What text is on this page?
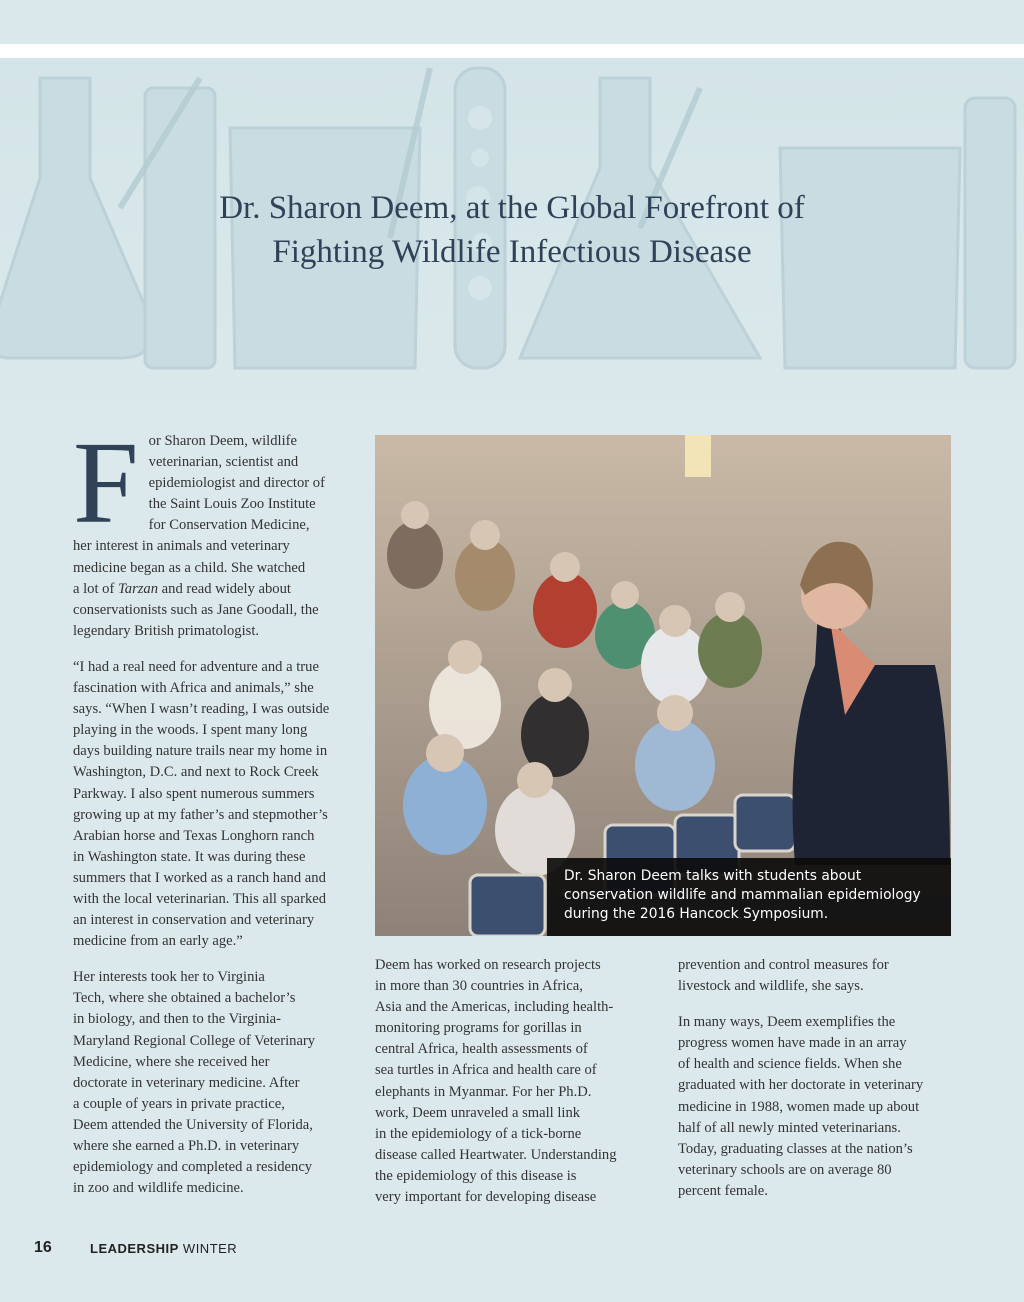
Dr. Sharon Deem, at the Global Forefront of
Fighting Wildlife Infectious Disease
F or Sharon Deem, wildlife
veterinarian, scientist and
epidemiologist and director of
the Saint Louis Zoo Institute
for Conservation Medicine,
her interest in animals and veterinary
medicine began as a child. She watched
a lot of Tarzan and read widely about
conservationists such as Jane Goodall, the
legendary British primatologist.

“I had a real need for adventure and a true
fascination with Africa and animals,” she
says. “When I wasn’t reading, I was outside
playing in the woods. I spent many long
days building nature trails near my home in
Washington, D.C. and next to Rock Creek
Parkway. I also spent numerous summers
growing up at my father’s and stepmother’s
Arabian horse and Texas Longhorn ranch
in Washington state. It was during these
summers that I worked as a ranch hand and
with the local veterinarian. This all sparked
an interest in conservation and veterinary
medicine from an early age.”

Her interests took her to Virginia
Tech, where she obtained a bachelor’s
in biology, and then to the Virginia-
Maryland Regional College of Veterinary
Medicine, where she received her
doctorate in veterinary medicine. After
a couple of years in private practice,
Deem attended the University of Florida,
where she earned a Ph.D. in veterinary
epidemiology and completed a residency
in zoo and wildlife medicine.

Dr. Sharon Deem talks with students about
conservation wildlife and mammalian epidemiology
during the 2016 Hancock Symposium.

Deem has worked on research projects
in more than 30 countries in Africa,
Asia and the Americas, including health-
monitoring programs for gorillas in
central Africa, health assessments of
sea turtles in Africa and health care of
elephants in Myanmar. For her Ph.D.
work, Deem unraveled a small link
in the epidemiology of a tick-borne
disease called Heartwater. Understanding
the epidemiology of this disease is
very important for developing disease

prevention and control measures for
livestock and wildlife, she says.

In many ways, Deem exemplifies the
progress women have made in an array
of health and science fields. When she
graduated with her doctorate in veterinary
medicine in 1988, women made up about
half of all newly minted veterinarians.
Today, graduating classes at the nation’s
veterinary schools are on average 80
percent female.

16	LEADERSHIP WINTER
